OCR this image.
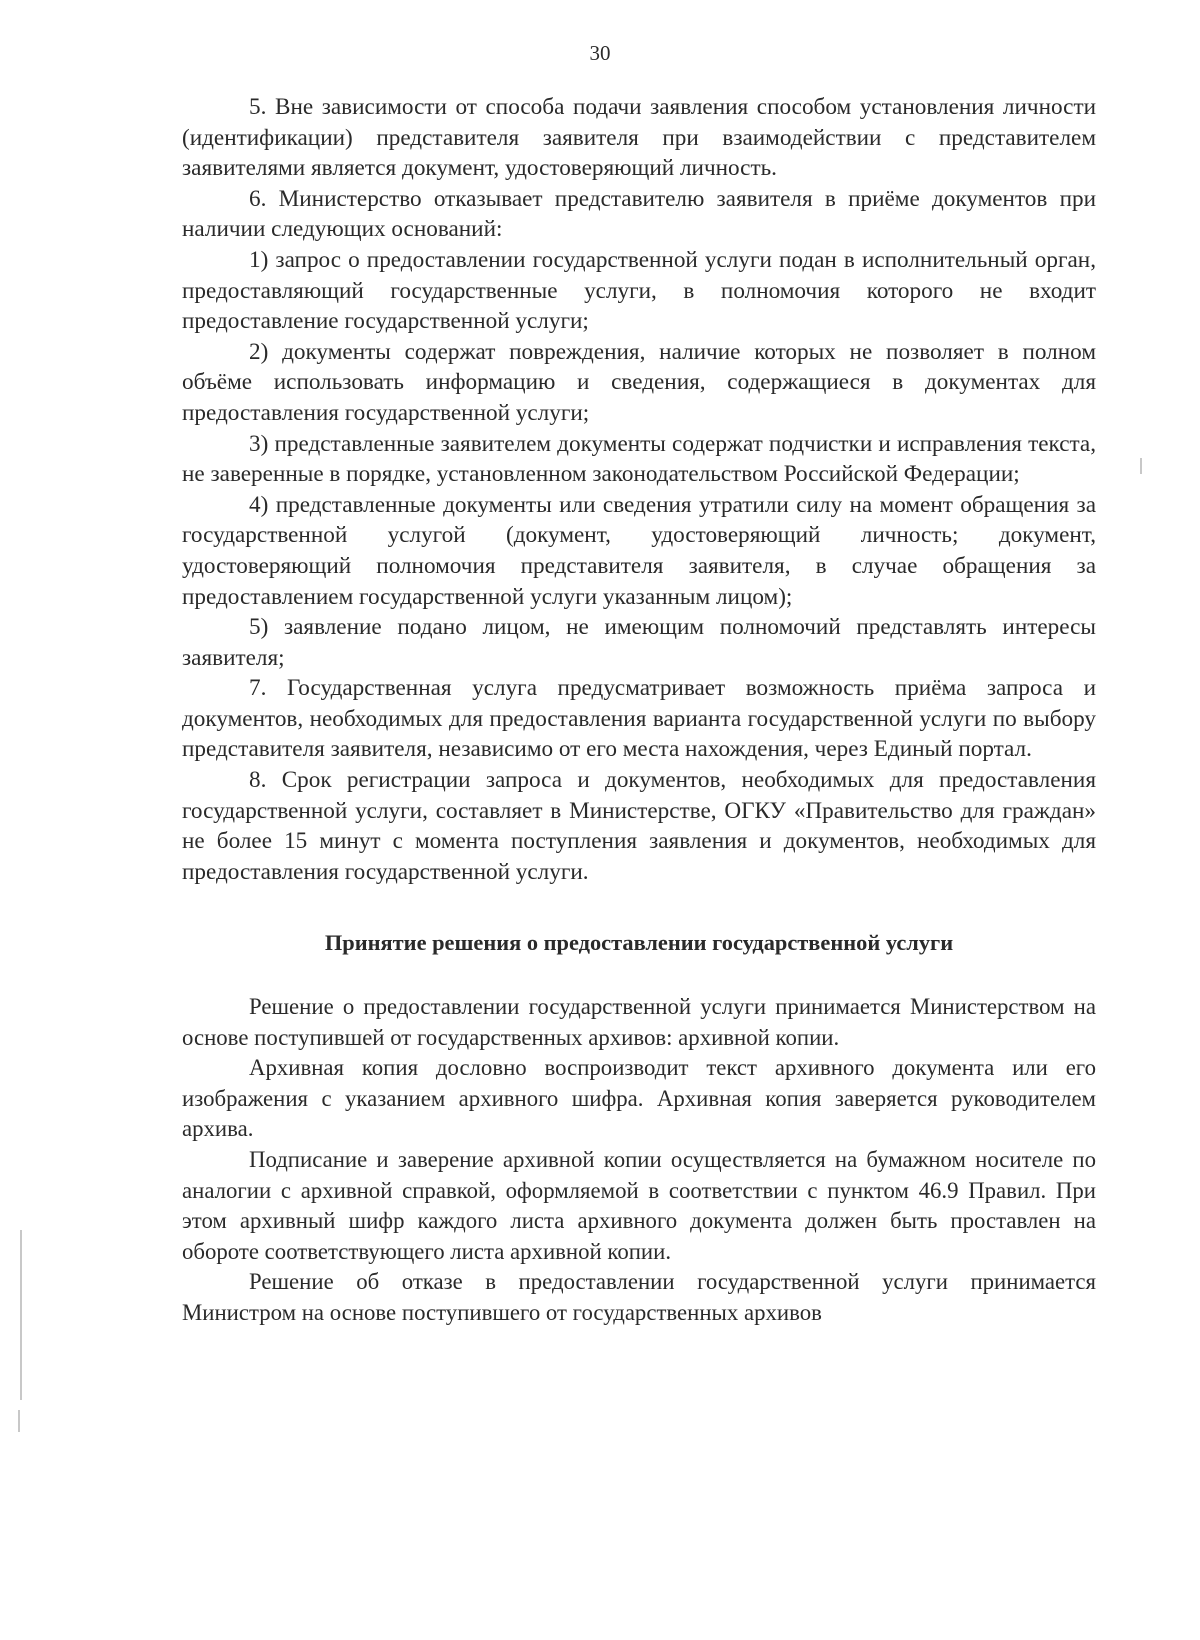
30

5. Вне зависимости от способа подачи заявления способом установления личности (идентификации) представителя заявителя при взаимодействии с представителем заявителями является документ, удостоверяющий личность.

6. Министерство отказывает представителю заявителя в приёме документов при наличии следующих оснований:

1) запрос о предоставлении государственной услуги подан в исполнительный орган, предоставляющий государственные услуги, в полномочия которого не входит предоставление государственной услуги;

2) документы содержат повреждения, наличие которых не позволяет в полном объёме использовать информацию и сведения, содержащиеся в документах для предоставления государственной услуги;

3) представленные заявителем документы содержат подчистки и исправления текста, не заверенные в порядке, установленном законодательством Российской Федерации;

4) представленные документы или сведения утратили силу на момент обращения за государственной услугой (документ, удостоверяющий личность; документ, удостоверяющий полномочия представителя заявителя, в случае обращения за предоставлением государственной услуги указанным лицом);

5) заявление подано лицом, не имеющим полномочий представлять интересы заявителя;

7. Государственная услуга предусматривает возможность приёма запроса и документов, необходимых для предоставления варианта государственной услуги по выбору представителя заявителя, независимо от его места нахождения, через Единый портал.

8. Срок регистрации запроса и документов, необходимых для предоставления государственной услуги, составляет в Министерстве, ОГКУ «Правительство для граждан» не более 15 минут с момента поступления заявления и документов, необходимых для предоставления государственной услуги.

Принятие решения о предоставлении государственной услуги

Решение о предоставлении государственной услуги принимается Министерством на основе поступившей от государственных архивов: архивной копии.

Архивная копия дословно воспроизводит текст архивного документа или его изображения с указанием архивного шифра. Архивная копия заверяется руководителем архива.

Подписание и заверение архивной копии осуществляется на бумажном носителе по аналогии с архивной справкой, оформляемой в соответствии с пунктом 46.9 Правил. При этом архивный шифр каждого листа архивного документа должен быть проставлен на обороте соответствующего листа архивной копии.

Решение об отказе в предоставлении государственной услуги принимается Министром на основе поступившего от государственных архивов
